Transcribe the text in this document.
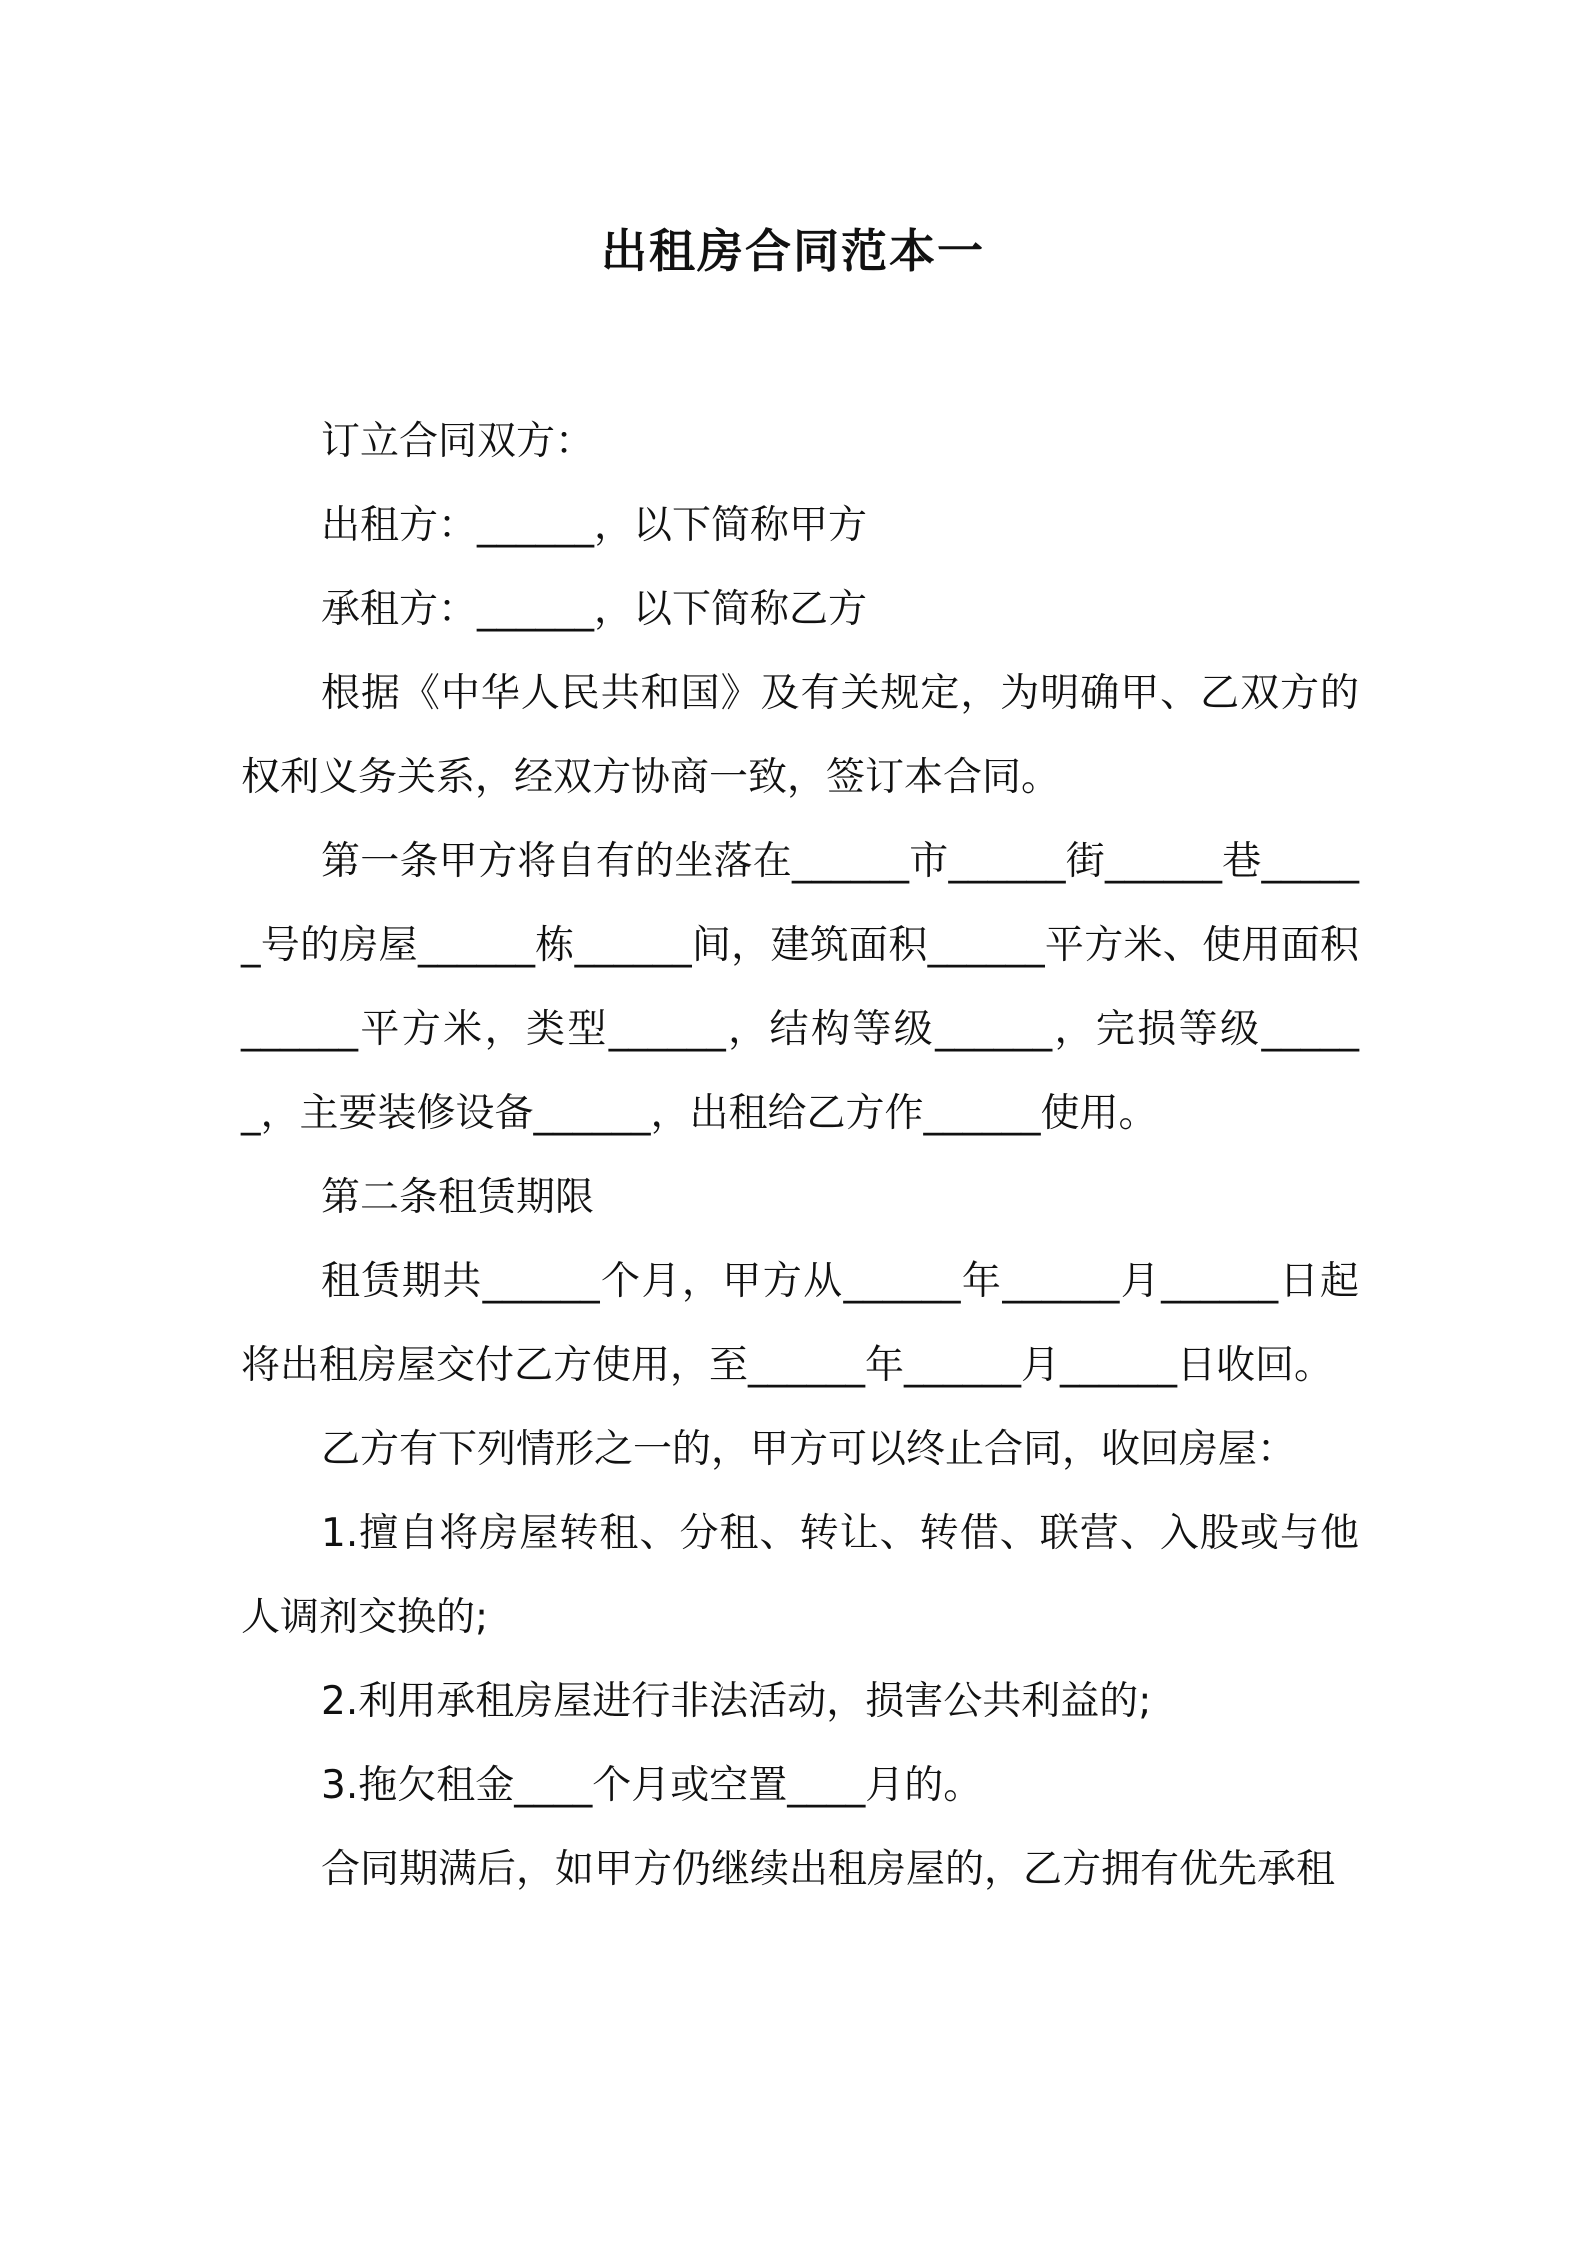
出租房合同范本一

订立合同双方：

出租方：______，以下简称甲方

承租方：______，以下简称乙方

根据《中华人民共和国》及有关规定，为明确甲、乙双方的权利义务关系，经双方协商一致，签订本合同。

第一条甲方将自有的坐落在______市______街______巷______号的房屋______栋______间，建筑面积______平方米、使用面积______平方米，类型______，结构等级______，完损等级______，主要装修设备______，出租给乙方作______使用。

第二条租赁期限

租赁期共______个月，甲方从______年______月______日起将出租房屋交付乙方使用，至______年______月______日收回。

乙方有下列情形之一的，甲方可以终止合同，收回房屋：

1.擅自将房屋转租、分租、转让、转借、联营、入股或与他人调剂交换的;

2.利用承租房屋进行非法活动，损害公共利益的;

3.拖欠租金____个月或空置____月的。

合同期满后，如甲方仍继续出租房屋的，乙方拥有优先承租
